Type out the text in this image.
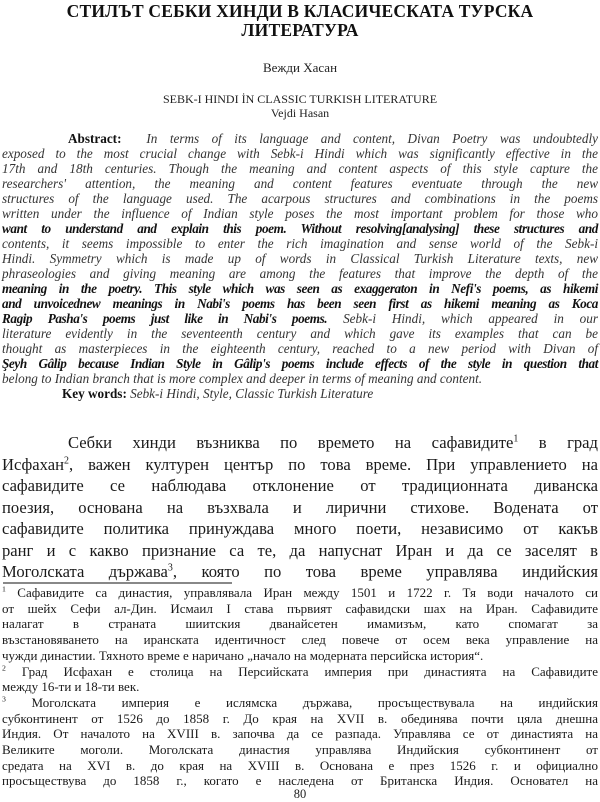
СТИЛЪТ СЕБКИ ХИНДИ В КЛАСИЧЕСКАТА ТУРСКА
ЛИТЕРАТУРА
Вежди Хасан
SEBK-I HINDI İN CLASSIC TURKISH LITERATURE
Vejdi Hasan
Abstract: In terms of its language and content, Divan Poetry was undoubtedly
exposed to the most crucial change with Sebk-i Hindi which was significantly effective in the
17th and 18th centuries. Though the meaning and content aspects of this style capture the
researchers' attention, the meaning and content features eventuate through the new
structures of the language used. The acarpous structures and combinations in the poems
written under the influence of Indian style poses the most important problem for those who
want to understand and explain this poem. Without resolving[analysing] these structures and
contents, it seems impossible to enter the rich imagination and sense world of the Sebk-i
Hindi. Symmetry which is made up of words in Classical Turkish Literature texts, new
phraseologies and giving meaning are among the features that improve the depth of the
meaning in the poetry. This style which was seen as exaggeraton in Nefi's poems, as hikemi
and unvoicednew meanings in Nabi's poems has been seen first as hikemi meaning as Koca
Ragip Pasha's poems just like in Nabi's poems. Sebk-i Hindi, which appeared in our
literature evidently in the seventeenth century and which gave its examples that can be
thought as masterpieces in the eighteenth century, reached to a new period with Divan of
Şeyh Gâlip because Indian Style in Gâlip's poems include effects of the style in question that
belong to Indian branch that is more complex and deeper in terms of meaning and content.
Key words: Sebk-i Hindi, Style, Classic Turkish Literature
Себки хинди възниква по времето на сафавидите$^1$ в град
Исфахан$^2$, важен културен център по това време. При управлението на
сафавидите се наблюдава отклонение от традиционната диванска
поезия, основана на възхвала и лирични стихове. Водената от
сафавидите политика принуждава много поети, независимо от какъв
ранг и с какво признание са те, да напуснат Иран и да се заселят в
Моголската държава$^3$, която по това време управлява индийския
$^1$ Сафавидите са династия, управлявала Иран между 1501 и 1722 г. Тя води началото си
от шейх Сефи ал-Дин. Исмаил I става първият сафавидски шах на Иран. Сафавидите
налагат в страната шиитския дванайсетен имамизъм, като спомагат за
възстановяването на иранската идентичност след повече от осем века управление на
чужди династии. Тяхното време е наричано „начало на модерната персийска история“.
$^2$ Град Исфахан е столица на Персийската империя при династията на Сафавидите
между 16-ти и 18-ти век.
$^3$ Моголската империя е ислямска държава, просъществувала на индийския
субконтинент от 1526 до 1858 г. До края на XVII в. обединява почти цяла днешна
Индия. От началото на XVIII в. започва да се разпада. Управлява се от династията на
Великите моголи. Моголската династия управлява Индийския субконтинент от
средата на XVI в. до края на XVIII в. Основана е през 1526 г. и официално
просъществува до 1858 г., когато е наследена от Британска Индия. Основател на
80
